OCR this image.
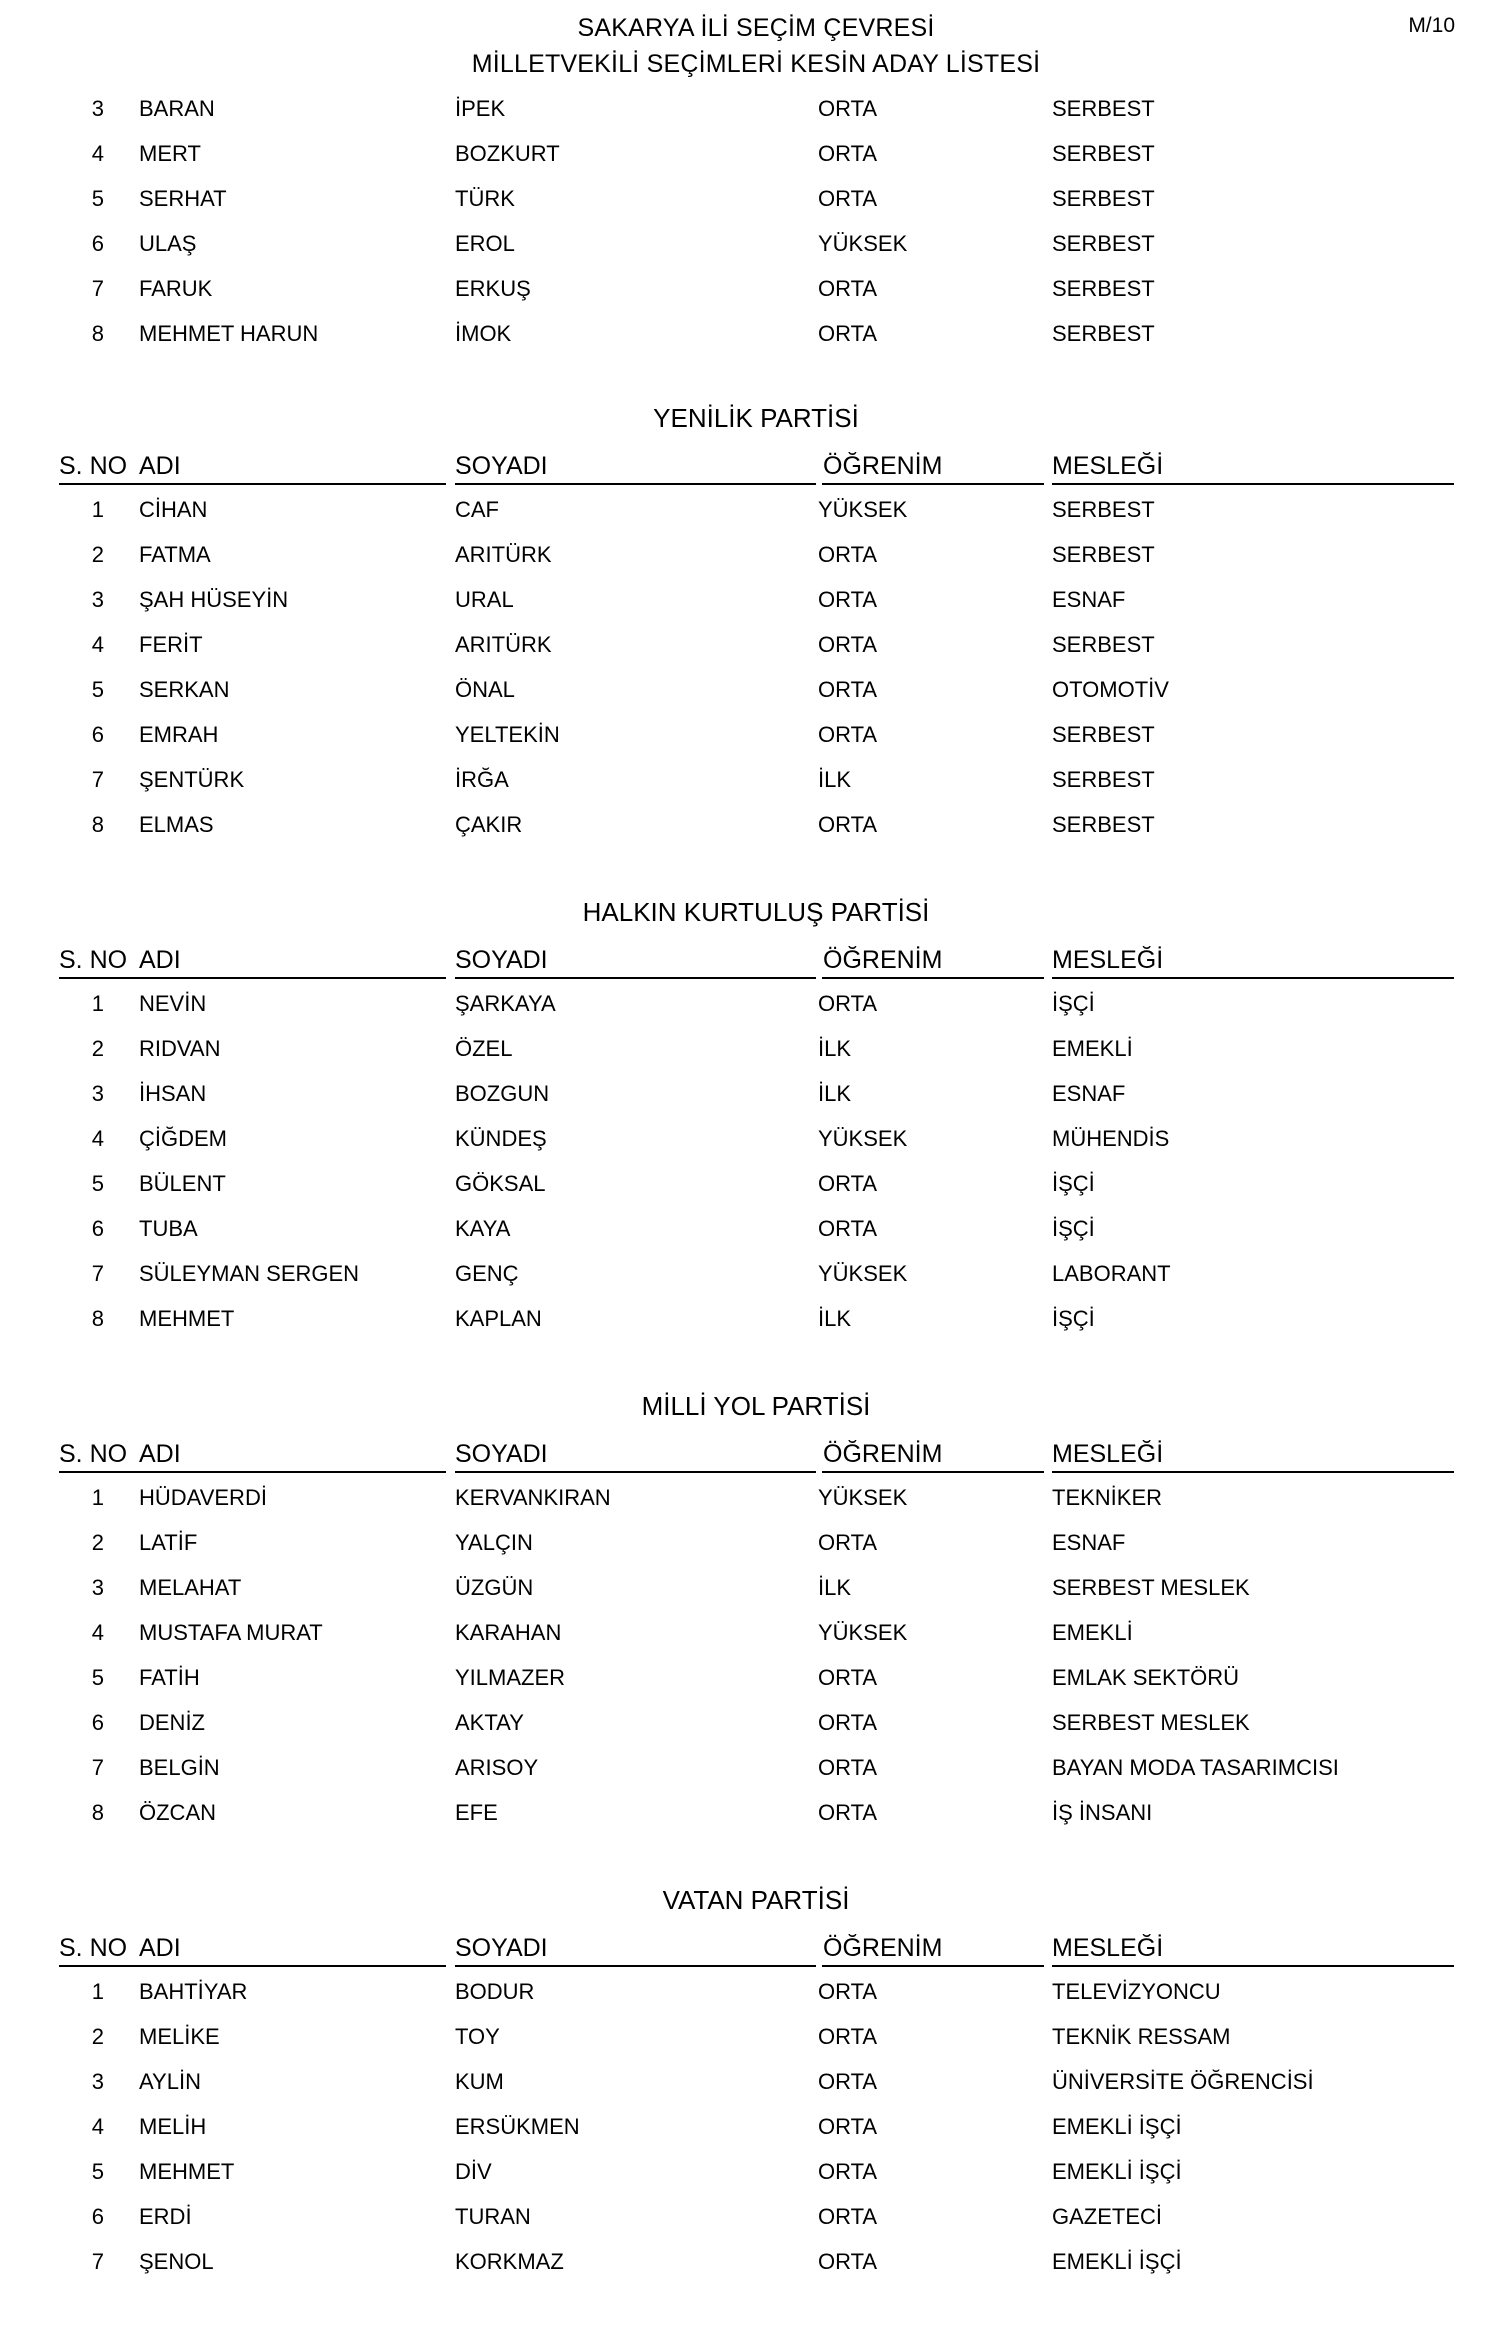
SAKARYA İLİ SEÇİM ÇEVRESİ
MİLLETVEKİLİ SEÇİMLERİ KESİN ADAY LİSTESİ
M/10
3 BARAN	İPEK	ORTA	SERBEST
4 MERT	BOZKURT	ORTA	SERBEST
5 SERHAT	TÜRK	ORTA	SERBEST
6 ULAŞ	EROL	YÜKSEK	SERBEST
7 FARUK	ERKUŞ	ORTA	SERBEST
8 MEHMET HARUN	İMOK	ORTA	SERBEST
YENİLİK PARTİSİ
S. NO ADI	SOYADI	ÖĞRENİM	MESLEĞİ
1 CİHAN	CAF	YÜKSEK	SERBEST
2 FATMA	ARITÜRK	ORTA	SERBEST
3 ŞAH HÜSEYİN	URAL	ORTA	ESNAF
4 FERİT	ARITÜRK	ORTA	SERBEST
5 SERKAN	ÖNAL	ORTA	OTOMOTİV
6 EMRAH	YELTEKİN	ORTA	SERBEST
7 ŞENTÜRK	İRĞA	İLK	SERBEST
8 ELMAS	ÇAKIR	ORTA	SERBEST
HALKIN KURTULUŞ PARTİSİ
S. NO ADI	SOYADI	ÖĞRENİM	MESLEĞİ
1 NEVİN	ŞARKAYA	ORTA	İŞÇİ
2 RIDVAN	ÖZEL	İLK	EMEKLİ
3 İHSAN	BOZGUN	İLK	ESNAF
4 ÇİĞDEM	KÜNDEŞ	YÜKSEK	MÜHENDİS
5 BÜLENT	GÖKSAL	ORTA	İŞÇİ
6 TUBA	KAYA	ORTA	İŞÇİ
7 SÜLEYMAN SERGEN	GENÇ	YÜKSEK	LABORANT
8 MEHMET	KAPLAN	İLK	İŞÇİ
MİLLİ YOL PARTİSİ
S. NO ADI	SOYADI	ÖĞRENİM	MESLEĞİ
1 HÜDAVERDİ	KERVANKIRAN	YÜKSEK	TEKNİKER
2 LATİF	YALÇIN	ORTA	ESNAF
3 MELAHAT	ÜZGÜN	İLK	SERBEST MESLEK
4 MUSTAFA MURAT	KARAHAN	YÜKSEK	EMEKLİ
5 FATİH	YILMAZER	ORTA	EMLAK SEKTÖRÜ
6 DENİZ	AKTAY	ORTA	SERBEST MESLEK
7 BELGİN	ARISOY	ORTA	BAYAN MODA TASARIMCISI
8 ÖZCAN	EFE	ORTA	İŞ İNSANI
VATAN PARTİSİ
S. NO ADI	SOYADI	ÖĞRENİM	MESLEĞİ
1 BAHTİYAR	BODUR	ORTA	TELEVİZYONCU
2 MELİKE	TOY	ORTA	TEKNİK RESSAM
3 AYLİN	KUM	ORTA	ÜNİVERSİTE ÖĞRENCİSİ
4 MELİH	ERSÜKMEN	ORTA	EMEKLİ İŞÇİ
5 MEHMET	DİV	ORTA	EMEKLİ İŞÇİ
6 ERDİ	TURAN	ORTA	GAZETECİ
7 ŞENOL	KORKMAZ	ORTA	EMEKLİ İŞÇİ
